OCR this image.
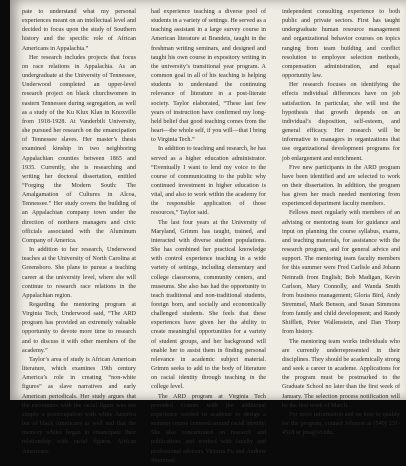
pate to understand what my personal experiences meant on an intellectual level and decided to focus upon the study of Southern history and the specific role of African Americans in Appalachia.”

Her research includes projects that focus on race relations in Appalachia. As an undergraduate at the University of Tennessee, Underwood completed an upper-level research project on black churchwomen in eastern Tennessee during segregation, as well as a study of the Ku Klux Klan in Knoxville from 1918-1928. At Vanderbilt University, she pursued her research on the emancipation of Tennessee slaves. Her master’s thesis examined kinship in two neighboring Appalachian counties between 1865 and 1935. Currently, she is researching and writing her doctoral dissertation, entitled “Forging the Modern South: The Amalgamation of Cultures in Alcoa, Tennessee.” Her study covers the building of an Appalachian company town under the direction of northern managers and civic officials associated with the Aluminum Company of America.

In addition to her research, Underwood teaches at the University of North Carolina at Greensboro. She plans to pursue a teaching career at the university level, where she will continue to research race relations in the Appalachian region.

Regarding the mentoring program at Virginia Tech, Underwood said, “The ARD program has provided an extremely valuable opportunity to devote more time to research and to discuss it with other members of the academy.”

Taylor’s area of study is African American literature, which examines 19th century America’s role in creating “non-white figures” as slave narratives and early American periodicals. Her study argues that the encounters with the racial figure was not simply a preoccupation with white America but of black Americans as well and that the memory whites began to emancipate their relationship with racial figures. African Americans

had experience teaching a diverse pool of students in a variety of settings. He served as a teaching assistant in a large survey course in American literature at Brandeis, taught in the freshman writing seminars, and designed and taught his own course in expository writing in the university’s transitional year program. A common goal in all of his teaching is helping students to understand the continuing relevance of literature in a post-literate society. Taylor elaborated, “These last few years of instruction have confirmed my long-held belief that good teaching comes from the heart—the whole self, if you will—that I bring to Virginia Tech.”

In addition to teaching and research, he has served as a higher education administrator. “Eventually I want to lend my voice to the course of communicating to the public why continued investment in higher education is vital, and also to work within the academy for the responsible application of those resources,” Taylor said.

The last four years at the University of Maryland, Grimm has taught, trained, and interacted with diverse student populations. She has combined her practical knowledge with control experience teaching in a wide variety of settings, including elementary and college classrooms, community centers, and museums. She also has had the opportunity to teach traditional and non-traditional students, foreign born, and socially and economically challenged students. She feels that these experiences have given her the ability to create meaningful opportunities for a variety of student groups, and her background will enable her to assist them in finding personal relevance in academic subject material. Grimm seeks to add to the body of literature on racial identity through teaching in the college level.

The ARD program at Virginia Tech provided Grimm with the additional experience needed in academe to design a summer course centered around racial identity. She also concentrated on research and publications and worked with faculty and professional advisors Victoria Fu and Andrew Stremmel.

independent consulting experience to both public and private sectors. First has taught undergraduate human resource management and organizational behavior courses on topics ranging from team building and conflict resolution to employee selection methods, compensation administration, and equal opportunity law.

Her research focuses on identifying the effects individual differences have on job satisfaction. In particular, she will test the hypothesis that growth depends on an individual’s disposition, self-esteem, and general efficacy. Her research will be informative to managers in organizations that use organizational development programs for job enlargement and enrichment.

Five new participants in the ARD program have been identified and are selected to work on their dissertation. In addition, the program has given her much needed mentoring from experienced department faculty members.

Fellows meet regularly with members of an advising or mentoring team for guidance and input on planning the course syllabus, exams, and teaching materials, for assistance with the research program, and for general advice and support. The mentoring team faculty members for this summer were Fred Carlisle and Johann Neinrath from English; Bob Madigan, Kevin Carlson, Mary Connolly, and Wanda Smith from business management; Gloria Bird, Andy Stremmel, Mark Benson, and Susan Simmons from family and child development; and Randy Shifflett, Peter Wallenstein, and Dan Thorp from history.

The mentoring team works individuals who are currently underrepresented in their disciplines. They should be academically strong and seek a career in academe. Applications for the program must be postmarked to the Graduate School no later than the first week of January. The selection process notification will be the first week of March.

For more information and on how to qualify for the program, contact Johnson at (540) 231-4518 or jma@vt.edu.
